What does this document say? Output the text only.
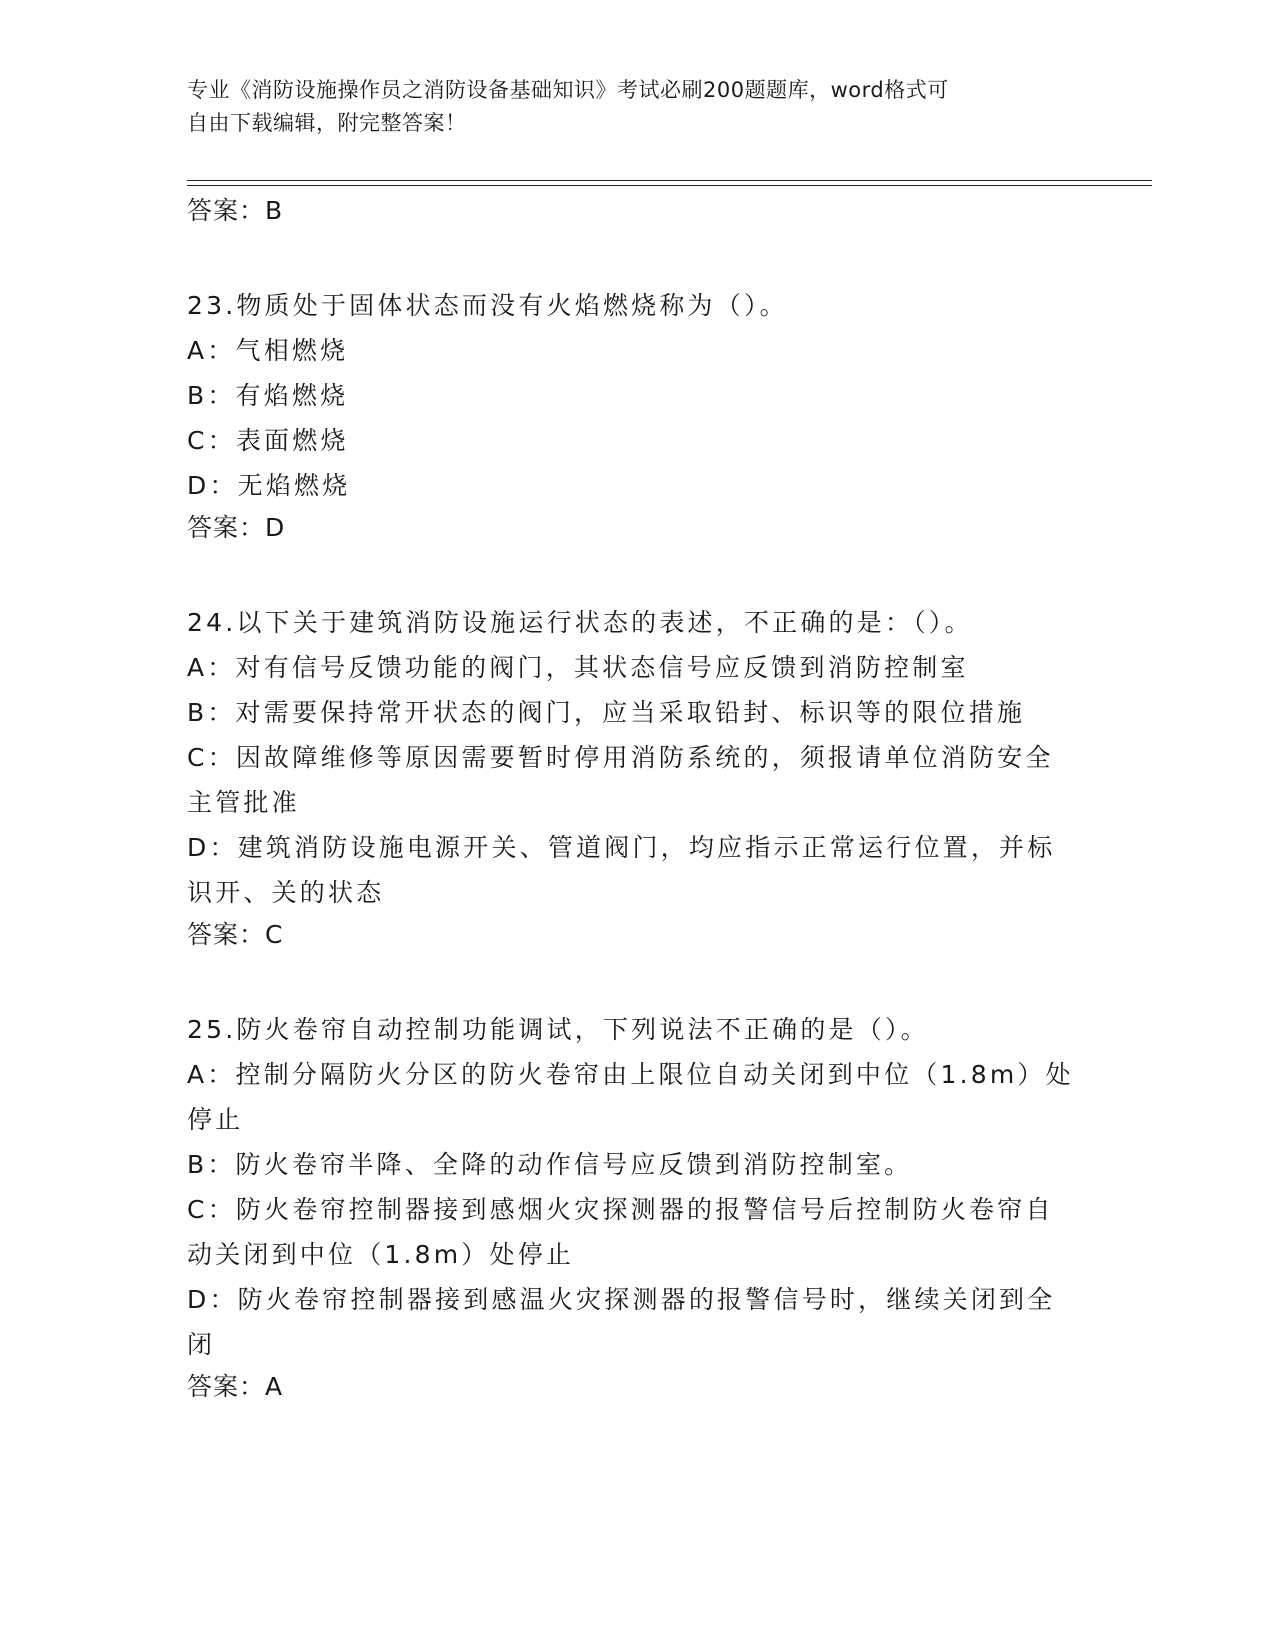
专业《消防设施操作员之消防设备基础知识》考试必刷200题题库，word格式可
自由下载编辑，附完整答案！
答案：B
23.物质处于固体状态而没有火焰燃烧称为（）。
A：气相燃烧
B：有焰燃烧
C：表面燃烧
D：无焰燃烧
答案：D
24.以下关于建筑消防设施运行状态的表述，不正确的是：（）。
A：对有信号反馈功能的阀门，其状态信号应反馈到消防控制室
B：对需要保持常开状态的阀门，应当采取铅封、标识等的限位措施
C：因故障维修等原因需要暂时停用消防系统的，须报请单位消防安全主管批准
D：建筑消防设施电源开关、管道阀门，均应指示正常运行位置，并标识开、关的状态
答案：C
25.防火卷帘自动控制功能调试，下列说法不正确的是（）。
A：控制分隔防火分区的防火卷帘由上限位自动关闭到中位（1.8m）处停止
B：防火卷帘半降、全降的动作信号应反馈到消防控制室。
C：防火卷帘控制器接到感烟火灾探测器的报警信号后控制防火卷帘自动关闭到中位（1.8m）处停止
D：防火卷帘控制器接到感温火灾探测器的报警信号时，继续关闭到全闭
答案：A
